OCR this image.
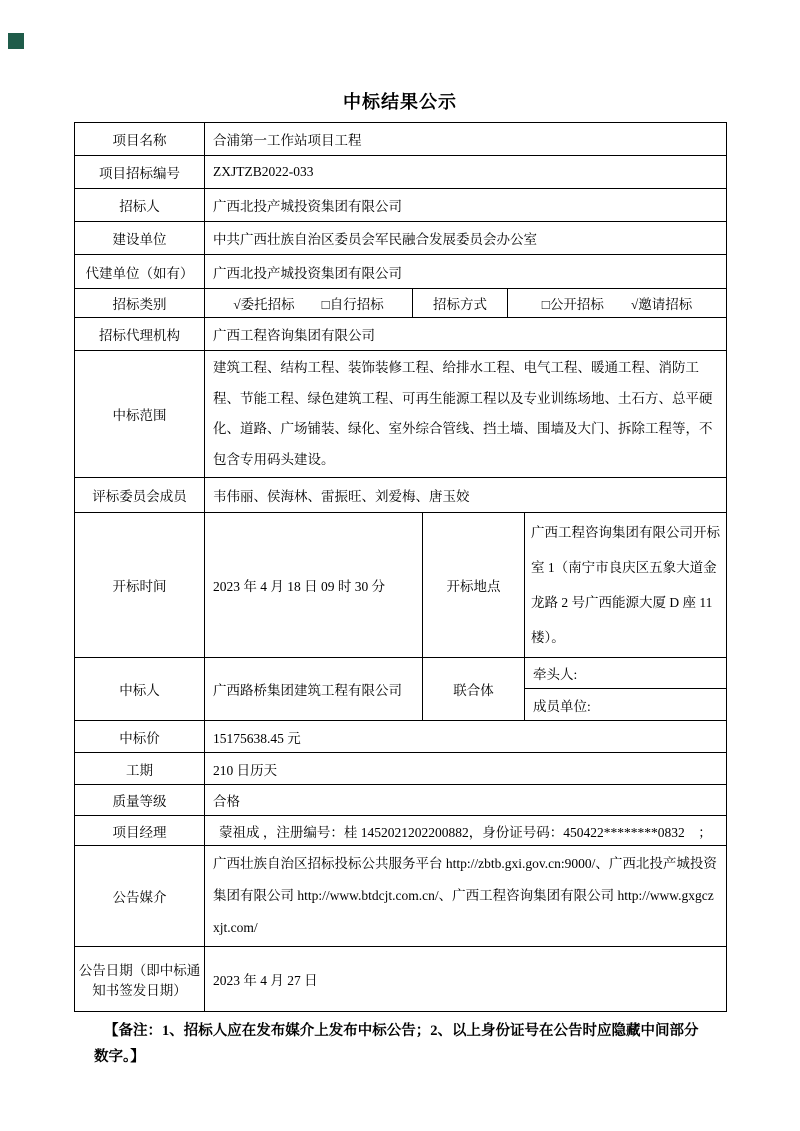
中标结果公示
项目名称	合浦第一工作站项目工程				
项目招标编号	ZXJTZB2022-033				
招标人	广西北投产城投资集团有限公司				
建设单位	中共广西壮族自治区委员会军民融合发展委员会办公室				
代建单位（如有）	广西北投产城投资集团有限公司				
招标类别	√委托招标　　□自行招标	招标方式		□公开招标　　√邀请招标	
招标代理机构	广西工程咨询集团有限公司				
中标范围	建筑工程、结构工程、装饰装修工程、给排水工程、电气工程、暖通工程、消防工程、节能工程、绿色建筑工程、可再生能源工程以及专业训练场地、土石方、总平硬化、道路、广场铺装、绿化、室外综合管线、挡土墙、围墙及大门、拆除工程等，不包含专用码头建设。				
评标委员会成员	韦伟丽、侯海林、雷振旺、刘爱梅、唐玉姣				
开标时间	2023 年 4 月 18 日 09 时 30 分		开标地点		广西工程咨询集团有限公司开标室 1（南宁市良庆区五象大道金龙路 2 号广西能源大厦 D 座 11 楼）。
中标人	广西路桥集团建筑工程有限公司		联合体		牵头人:
					成员单位:
中标价	15175638.45 元				
工期	210 日历天				
质量等级	合格				
项目经理	蒙祖成 ，注册编号：桂 1452021202200882，身份证号码：450422********0832　；				
公告媒介	广西壮族自治区招标投标公共服务平台 http://zbtb.gxi.gov.cn:9000/、广西北投产城投资集团有限公司 http://www.btdcjt.com.cn/、广西工程咨询集团有限公司 http://www.gxgczxjt.com/				
公告日期（即中标通知书签发日期）	2023 年 4 月 27 日				
【备注：1、招标人应在发布媒介上发布中标公告；2、以上身份证号在公告时应隐藏中间部分数字。】
